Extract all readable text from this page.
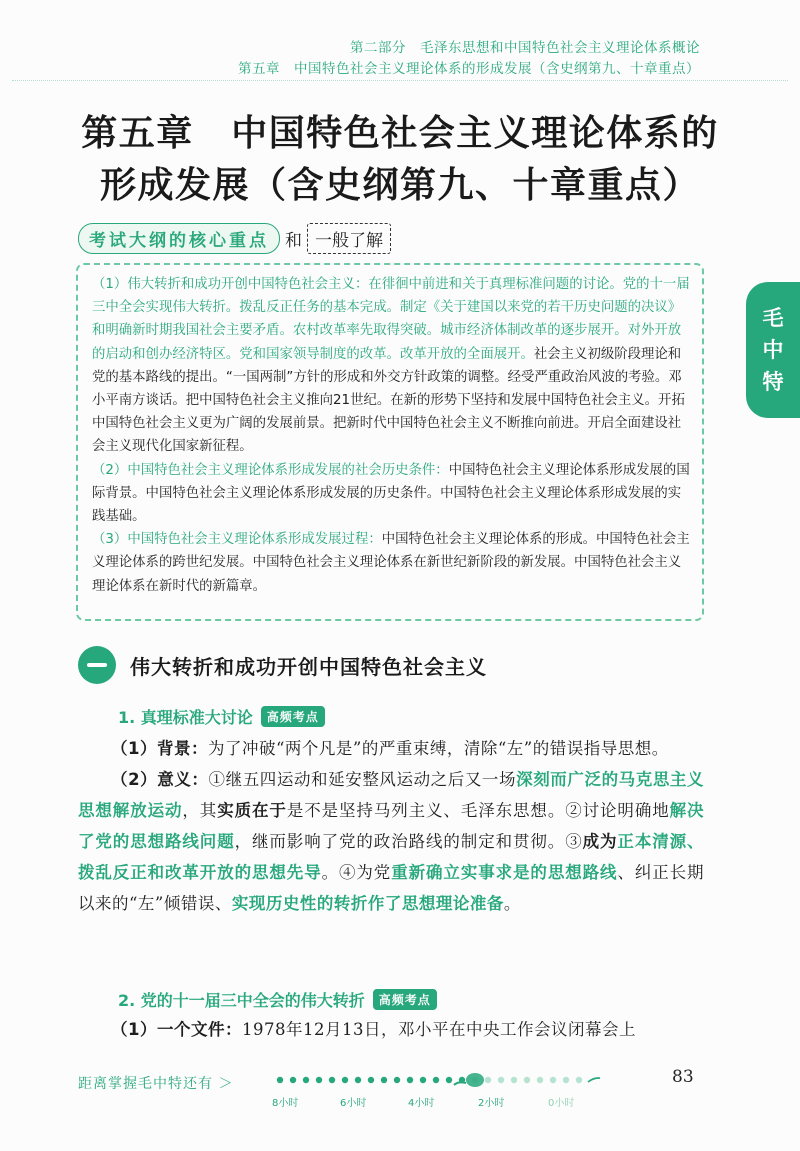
第二部分　毛泽东思想和中国特色社会主义理论体系概论
第五章　中国特色社会主义理论体系的形成发展（含史纲第九、十章重点）
第五章　中国特色社会主义理论体系的
形成发展（含史纲第九、十章重点）
考试大纲的核心重点 和 一般了解

（1）伟大转折和成功开创中国特色社会主义：在徘徊中前进和关于真理标准问题的讨论。党的十一届三中全会实现伟大转折。拨乱反正任务的基本完成。制定《关于建国以来党的若干历史问题的决议》和明确新时期我国社会主要矛盾。农村改革率先取得突破。城市经济体制改革的逐步展开。对外开放的启动和创办经济特区。党和国家领导制度的改革。改革开放的全面展开。社会主义初级阶段理论和党的基本路线的提出。“一国两制”方针的形成和外交方针政策的调整。经受严重政治风波的考验。邓小平南方谈话。把中国特色社会主义推向21世纪。在新的形势下坚持和发展中国特色社会主义。开拓中国特色社会主义更为广阔的发展前景。把新时代中国特色社会主义不断推向前进。开启全面建设社会主义现代化国家新征程。

（2）中国特色社会主义理论体系形成发展的社会历史条件：中国特色社会主义理论体系形成发展的国际背景。中国特色社会主义理论体系形成发展的历史条件。中国特色社会主义理论体系形成发展的实践基础。

（3）中国特色社会主义理论体系形成发展过程：中国特色社会主义理论体系的形成。中国特色社会主义理论体系的跨世纪发展。中国特色社会主义理论体系在新世纪新阶段的新发展。中国特色社会主义理论体系在新时代的新篇章。

毛
中
特
伟大转折和成功开创中国特色社会主义
1. 真理标准大讨论	高频考点

（1）背景：为了冲破“两个凡是”的严重束缚，清除“左”的错误指导思想。

（2）意义：①继五四运动和延安整风运动之后又一场深刻而广泛的马克思主义思想解放运动，其实质在于是不是坚持马列主义、毛泽东思想。②讨论明确地解决了党的思想路线问题，继而影响了党的政治路线的制定和贯彻。③成为正本清源、拨乱反正和改革开放的思想先导。④为党重新确立实事求是的思想路线、纠正长期以来的“左”倾错误、实现历史性的转折作了思想理论准备。

2. 党的十一届三中全会的伟大转折	高频考点

（1）一个文件：1978年12月13日，邓小平在中央工作会议闭幕会上

距离掌握毛中特还有 ＞
8小时	6小时	4小时	2小时	0小时
83
